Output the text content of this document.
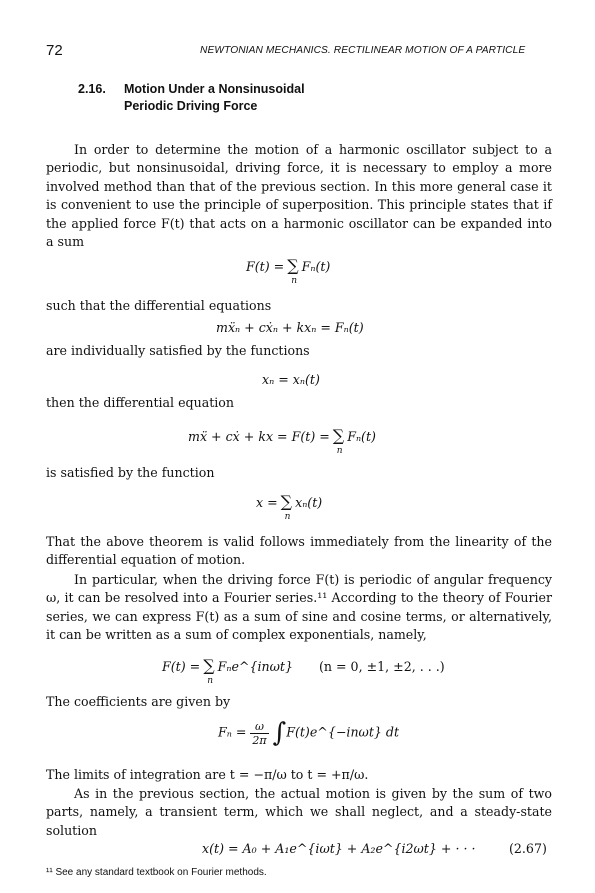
72	NEWTONIAN MECHANICS. RECTILINEAR MOTION OF A PARTICLE
2.16. Motion Under a Nonsinusoidal
Periodic Driving Force
In order to determine the motion of a harmonic oscillator subject to a periodic, but nonsinusoidal, driving force, it is necessary to employ a more involved method than that of the previous section. In this more general case it is convenient to use the principle of superposition. This principle states that if the applied force F(t) that acts on a harmonic oscillator can be expanded into a sum
F(t) = ∑
n
Fₙ(t)
such that the differential equations
mẍₙ + cẋₙ + kxₙ = Fₙ(t)
are individually satisfied by the functions
xₙ = xₙ(t)
then the differential equation
mẍ + cẋ + kx = F(t) = ∑
n
Fₙ(t)
is satisfied by the function
x = ∑
n
xₙ(t)
That the above theorem is valid follows immediately from the linearity of the differential equation of motion.
In particular, when the driving force F(t) is periodic of angular frequency ω, it can be resolved into a Fourier series.¹¹ According to the theory of Fourier series, we can express F(t) as a sum of sine and cosine terms, or alternatively, it can be written as a sum of complex exponentials, namely,
F(t) = ∑
n
Fₙe^{inωt} (n = 0, ±1, ±2, . . .)
The coefficients are given by
$F_n = \frac{\omega}{2\pi}$ ∫F(t)e^{−inωt} dt
The limits of integration are t = −π/ω to t = +π/ω.
As in the previous section, the actual motion is given by the sum of two parts, namely, a transient term, which we shall neglect, and a steady-state solution
x(t) = A₀ + A₁e^{iωt} + A₂e^{i2ωt} + · · ·	(2.67)
¹¹ See any standard textbook on Fourier methods.
